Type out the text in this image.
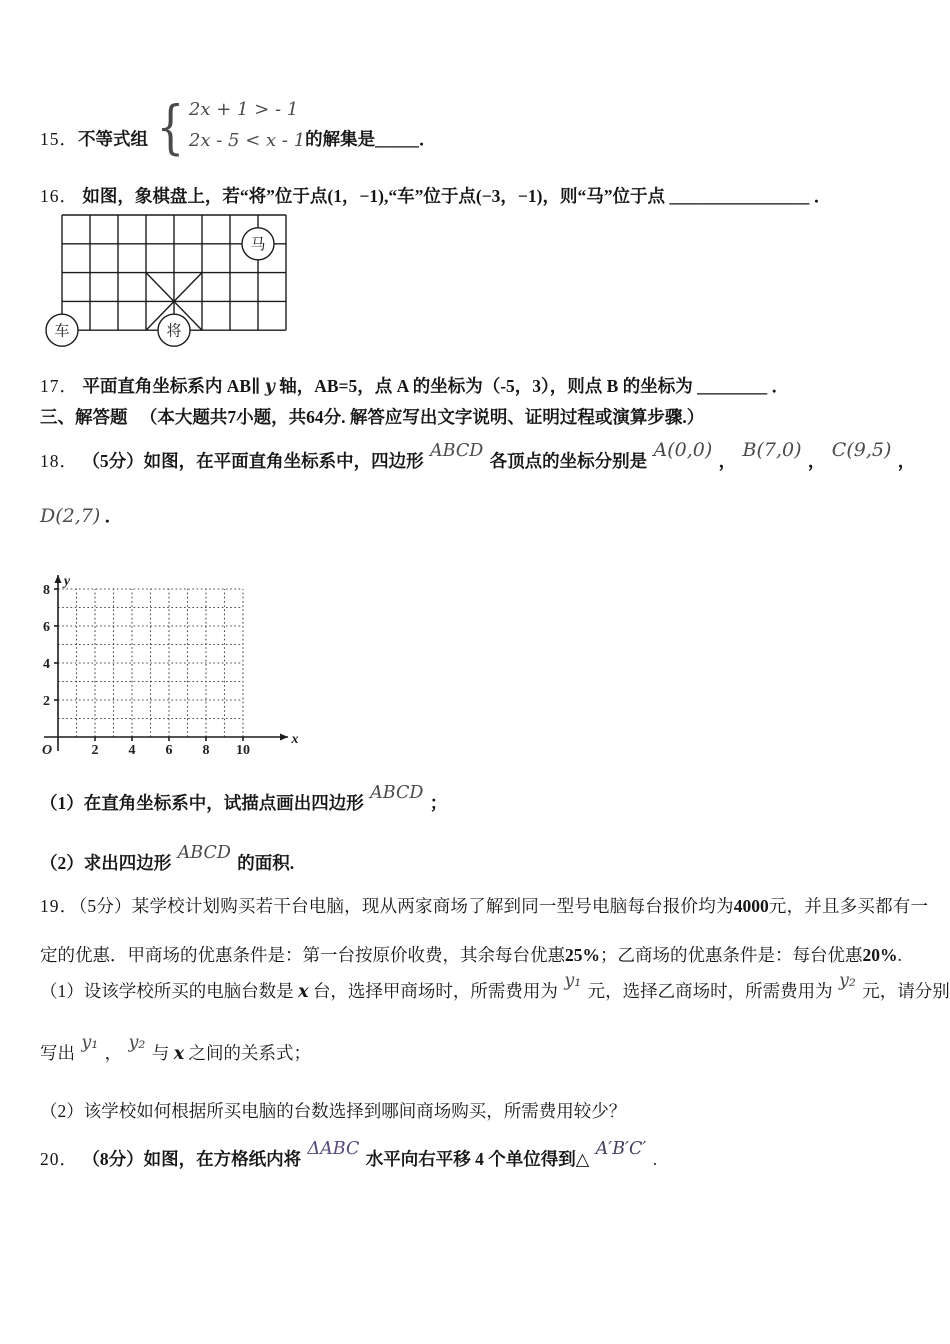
15． 不等式组 { 2x + 1 > - 1
2x - 5 < x - 1 的解集是 _____ ．
16． 如图，象棋盘上，若“将”位于点(1，−1),“车”位于点(−3，−1)，则“马”位于点 ________________ ．
马
车	将
17． 平面直角坐标系内 AB∥ y 轴，AB=5，点 A 的坐标为（-5，3），则点 B 的坐标为 ________ ．
三、解答题 （本大题共7小题，共64分. 解答应写出文字说明、证明过程或演算步骤.）
18． （5分）如图，在平面直角坐标系中，四边形 ABCD 各顶点的坐标分别是 A(0,0) ， B(7,0) ， C(9,5) ，
D(2,7) ．
O	2 4 6 8 10
8
6
4
2
x
y
（1）在直角坐标系中，试描点画出四边形 ABCD ；
（2）求出四边形 ABCD 的面积.
19．（5分）某学校计划购买若干台电脑，现从两家商场了解到同一型号电脑每台报价均为4000元，并且多买都有一定的优惠．甲商场的优惠条件是：第一台按原价收费，其余每台优惠25%；乙商场的优惠条件是：每台优惠20%.
（1）设该学校所买的电脑台数是 x 台，选择甲商场时，所需费用为 y₁ 元，选择乙商场时，所需费用为 y₂ 元，请分别
写出 y₁ ， y₂ 与 x 之间的关系式；
（2）该学校如何根据所买电脑的台数选择到哪间商场购买，所需费用较少？
20． （8分）如图，在方格纸内将 ΔABC 水平向右平移 4 个单位得到△ A′B′C′ .
